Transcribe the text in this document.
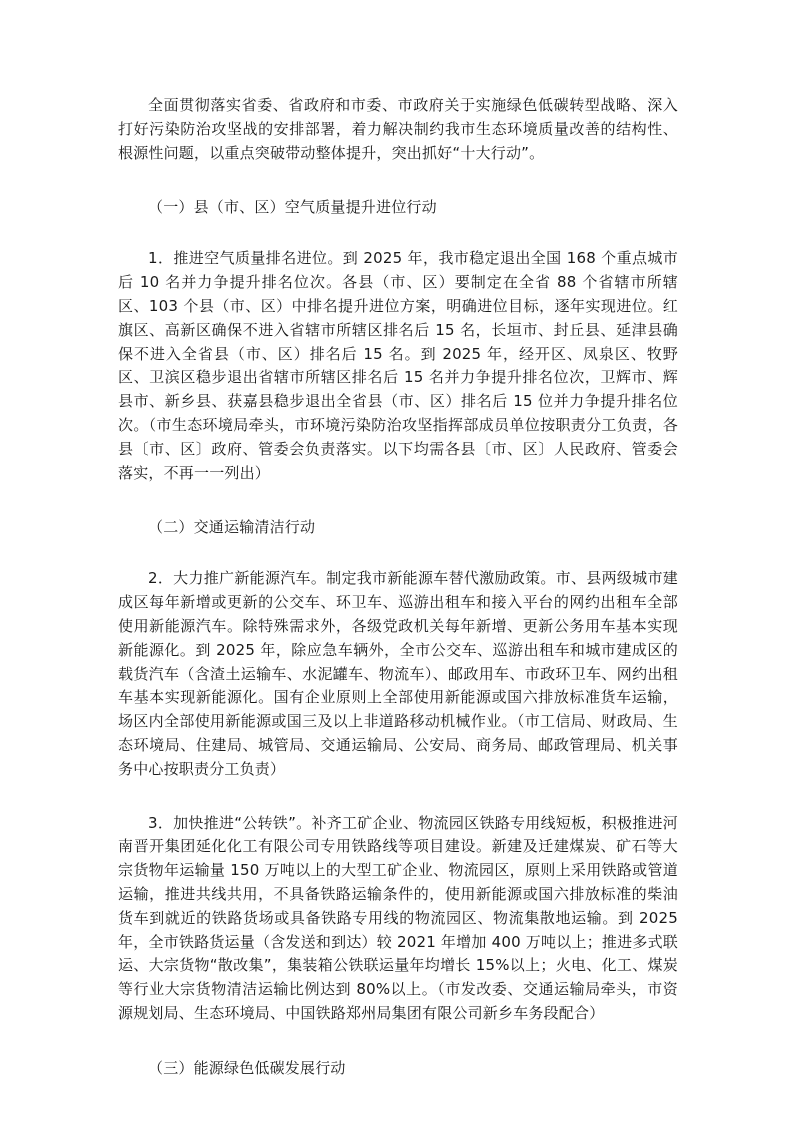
全面贯彻落实省委、省政府和市委、市政府关于实施绿色低碳转型战略、深入打好污染防治攻坚战的安排部署，着力解决制约我市生态环境质量改善的结构性、根源性问题，以重点突破带动整体提升，突出抓好“十大行动”。

（一）县（市、区）空气质量提升进位行动

1．推进空气质量排名进位。到 2025 年，我市稳定退出全国 168 个重点城市后 10 名并力争提升排名位次。各县（市、区）要制定在全省 88 个省辖市所辖区、103 个县（市、区）中排名提升进位方案，明确进位目标，逐年实现进位。红旗区、高新区确保不进入省辖市所辖区排名后 15 名，长垣市、封丘县、延津县确保不进入全省县（市、区）排名后 15 名。到 2025 年，经开区、凤泉区、牧野区、卫滨区稳步退出省辖市所辖区排名后 15 名并力争提升排名位次，卫辉市、辉县市、新乡县、获嘉县稳步退出全省县（市、区）排名后 15 位并力争提升排名位次。（市生态环境局牵头，市环境污染防治攻坚指挥部成员单位按职责分工负责，各县〔市、区〕政府、管委会负责落实。以下均需各县〔市、区〕人民政府、管委会落实，不再一一列出）

（二）交通运输清洁行动

2．大力推广新能源汽车。制定我市新能源车替代激励政策。市、县两级城市建成区每年新增或更新的公交车、环卫车、巡游出租车和接入平台的网约出租车全部使用新能源汽车。除特殊需求外，各级党政机关每年新增、更新公务用车基本实现新能源化。到 2025 年，除应急车辆外，全市公交车、巡游出租车和城市建成区的载货汽车（含渣土运输车、水泥罐车、物流车）、邮政用车、市政环卫车、网约出租车基本实现新能源化。国有企业原则上全部使用新能源或国六排放标准货车运输，场区内全部使用新能源或国三及以上非道路移动机械作业。（市工信局、财政局、生态环境局、住建局、城管局、交通运输局、公安局、商务局、邮政管理局、机关事务中心按职责分工负责）

3．加快推进“公转铁”。补齐工矿企业、物流园区铁路专用线短板，积极推进河南晋开集团延化化工有限公司专用铁路线等项目建设。新建及迁建煤炭、矿石等大宗货物年运输量 150 万吨以上的大型工矿企业、物流园区，原则上采用铁路或管道运输，推进共线共用，不具备铁路运输条件的，使用新能源或国六排放标准的柴油货车到就近的铁路货场或具备铁路专用线的物流园区、物流集散地运输。到 2025 年，全市铁路货运量（含发送和到达）较 2021 年增加 400 万吨以上；推进多式联运、大宗货物“散改集”，集装箱公铁联运量年均增长 15%以上；火电、化工、煤炭等行业大宗货物清洁运输比例达到 80%以上。（市发改委、交通运输局牵头，市资源规划局、生态环境局、中国铁路郑州局集团有限公司新乡车务段配合）

（三）能源绿色低碳发展行动
